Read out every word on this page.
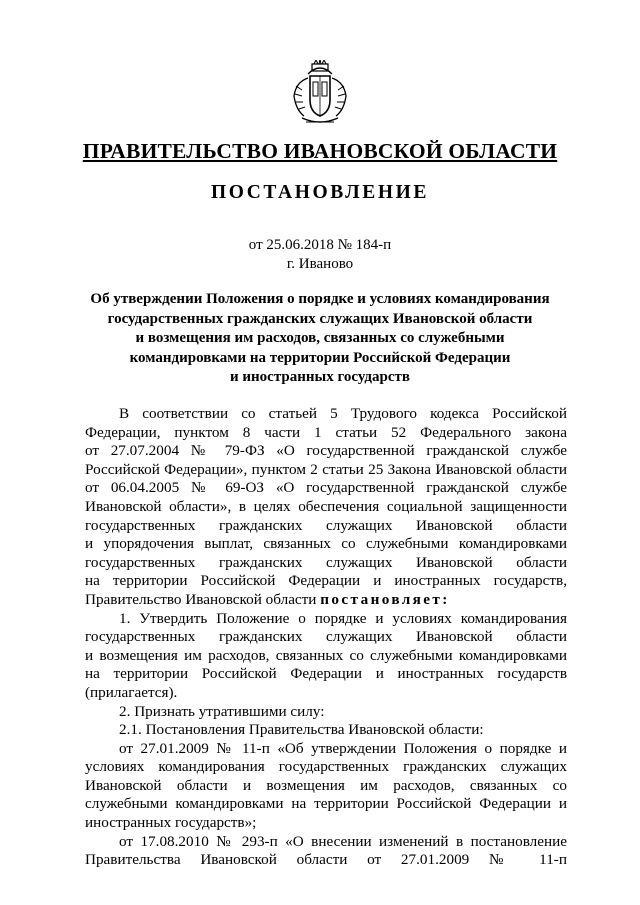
ПРАВИТЕЛЬСТВО ИВАНОВСКОЙ ОБЛАСТИ
ПОСТАНОВЛЕНИЕ
от 25.06.2018 № 184-п
г. Иваново
Об утверждении Положения о порядке и условиях командирования
государственных гражданских служащих Ивановской области
и возмещения им расходов, связанных со служебными
командировками на территории Российской Федерации
и иностранных государств
В соответствии со статьей 5 Трудового кодекса Российской
Федерации, пунктом 8 части 1 статьи 52 Федерального закона
от 27.07.2004 № 79-ФЗ «О государственной гражданской службе
Российской Федерации», пунктом 2 статьи 25 Закона Ивановской области
от 06.04.2005 № 69-ОЗ «О государственной гражданской службе
Ивановской области», в целях обеспечения социальной защищенности
государственных гражданских служащих Ивановской области
и упорядочения выплат, связанных со служебными командировками
государственных гражданских служащих Ивановской области
на территории Российской Федерации и иностранных государств,
Правительство Ивановской области постановляет:
1. Утвердить Положение о порядке и условиях командирования
государственных гражданских служащих Ивановской области
и возмещения им расходов, связанных со служебными командировками
на территории Российской Федерации и иностранных государств
(прилагается).
2. Признать утратившими силу:
2.1. Постановления Правительства Ивановской области:
от 27.01.2009 № 11-п «Об утверждении Положения о порядке и
условиях командирования государственных гражданских служащих
Ивановской области и возмещения им расходов, связанных со
служебными командировками на территории Российской Федерации и
иностранных государств»;
от 17.08.2010 № 293-п «О внесении изменений в постановление
Правительства Ивановской области от 27.01.2009 № 11-п
